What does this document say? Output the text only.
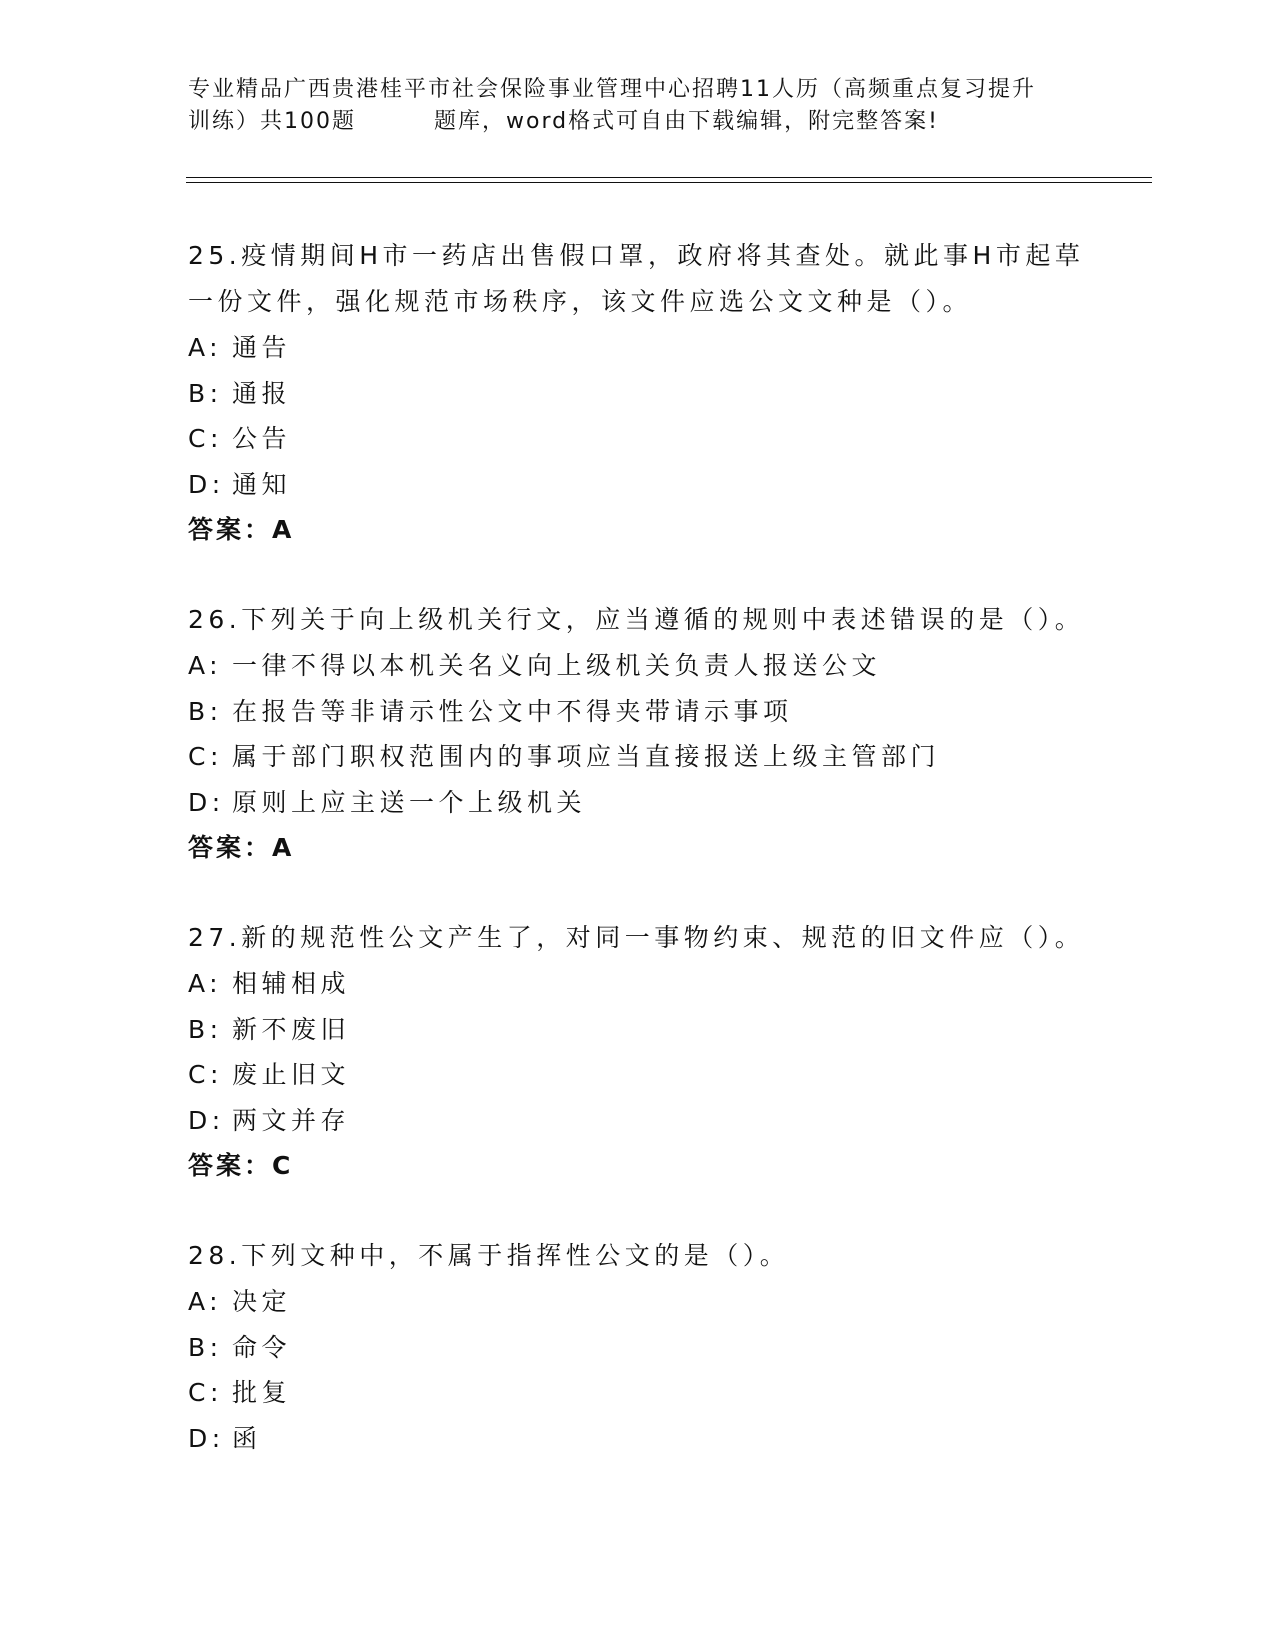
专业精品广西贵港桂平市社会保险事业管理中心招聘11人历（高频重点复习提升
训练）共100题	题库，word格式可自由下载编辑，附完整答案!

25.疫情期间H市一药店出售假口罩，政府将其查处。就此事H市起草一份文件，强化规范市场秩序，该文件应选公文文种是（）。

A: 通告

B: 通报

C: 公告

D: 通知

答案：A

26.下列关于向上级机关行文，应当遵循的规则中表述错误的是（）。

A: 一律不得以本机关名义向上级机关负责人报送公文

B: 在报告等非请示性公文中不得夹带请示事项

C: 属于部门职权范围内的事项应当直接报送上级主管部门

D: 原则上应主送一个上级机关

答案：A

27.新的规范性公文产生了，对同一事物约束、规范的旧文件应（）。

A: 相辅相成

B: 新不废旧

C: 废止旧文

D: 两文并存

答案：C

28.下列文种中，不属于指挥性公文的是（）。

A: 决定

B: 命令

C: 批复

D: 函
